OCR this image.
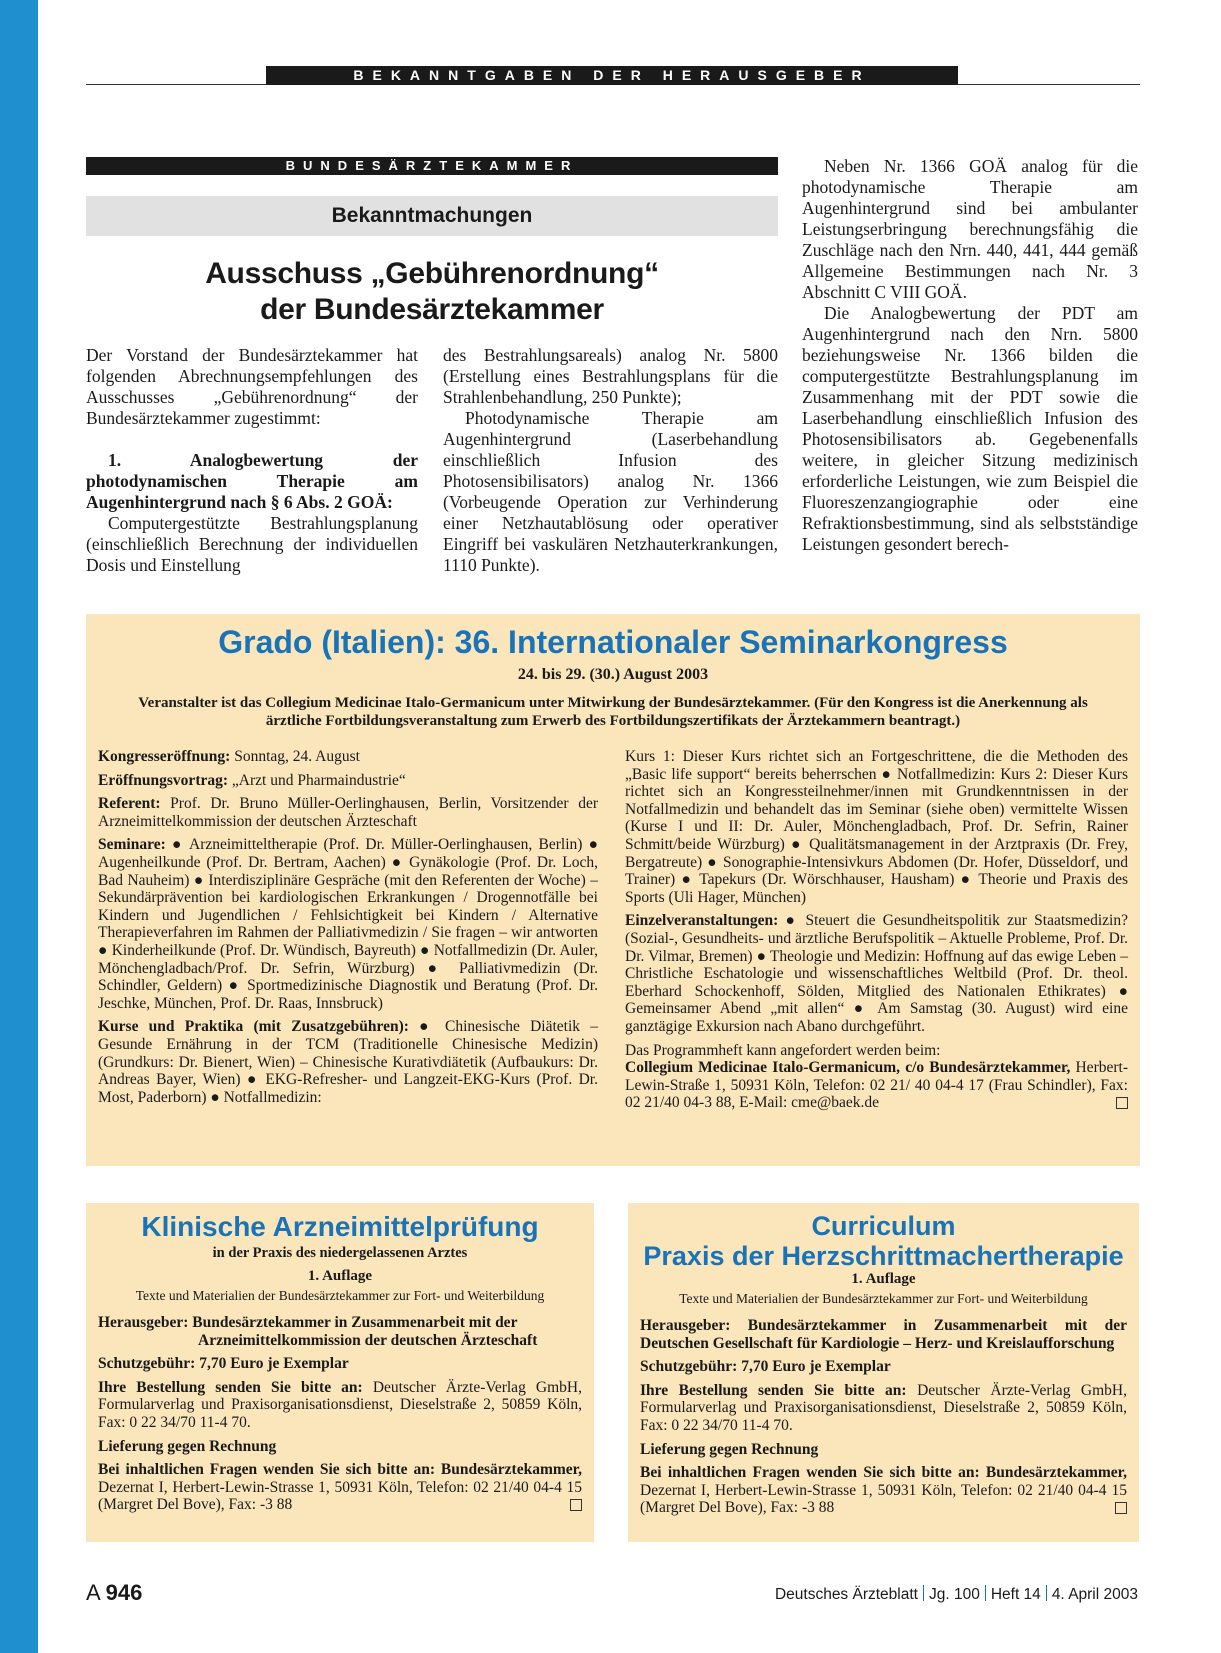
BEKANNTGABEN DER HERAUSGEBER
BUNDESÄRZTEKAMMER
Bekanntmachungen
Ausschuss „Gebührenordnung“
der Bundesärztekammer

Der Vorstand der Bundesärztekammer hat folgenden Abrechnungsempfehlungen des Ausschusses „Gebührenordnung“ der Bundesärztekammer zugestimmt:

1. Analogbewertung der photodynamischen Therapie am Augenhintergrund nach § 6 Abs. 2 GOÄ:

Computergestützte Bestrahlungsplanung (einschließlich Berechnung der individuellen Dosis und Einstellung

des Bestrahlungsareals) analog Nr. 5800 (Erstellung eines Bestrahlungsplans für die Strahlenbehandlung, 250 Punkte);

Photodynamische Therapie am Augenhintergrund (Laserbehandlung einschließlich Infusion des Photosensibilisators) analog Nr. 1366 (Vorbeugende Operation zur Verhinderung einer Netzhautablösung oder operativer Eingriff bei vaskulären Netzhauterkrankungen, 1110 Punkte).

Neben Nr. 1366 GOÄ analog für die photodynamische Therapie am Augenhintergrund sind bei ambulanter Leistungserbringung berechnungsfähig die Zuschläge nach den Nrn. 440, 441, 444 gemäß Allgemeine Bestimmungen nach Nr. 3 Abschnitt C VIII GOÄ.

Die Analogbewertung der PDT am Augenhintergrund nach den Nrn. 5800 beziehungsweise Nr. 1366 bilden die computergestützte Bestrahlungsplanung im Zusammenhang mit der PDT sowie die Laserbehandlung einschließlich Infusion des Photosensibilisators ab. Gegebenenfalls weitere, in gleicher Sitzung medizinisch erforderliche Leistungen, wie zum Beispiel die Fluoreszenzangiographie oder eine Refraktionsbestimmung, sind als selbstständige Leistungen gesondert berech-

Grado (Italien): 36. Internationaler Seminarkongress
24. bis 29. (30.) August 2003
Veranstalter ist das Collegium Medicinae Italo-Germanicum unter Mitwirkung der Bundesärztekammer. (Für den Kongress ist die Anerkennung als ärztliche Fortbildungsveranstaltung zum Erwerb des Fortbildungszertifikats der Ärztekammern beantragt.)

Kongresseröffnung: Sonntag, 24. August

Eröffnungsvortrag: „Arzt und Pharmaindustrie“

Referent: Prof. Dr. Bruno Müller-Oerlinghausen, Berlin, Vorsitzender der Arzneimittelkommission der deutschen Ärzteschaft

Seminare: ● Arzneimitteltherapie (Prof. Dr. Müller-Oerlinghausen, Berlin) ● Augenheilkunde (Prof. Dr. Bertram, Aachen) ● Gynäkologie (Prof. Dr. Loch, Bad Nauheim) ● Interdisziplinäre Gespräche (mit den Referenten der Woche) – Sekundärprävention bei kardiologischen Erkrankungen / Drogennotfälle bei Kindern und Jugendlichen / Fehlsichtigkeit bei Kindern / Alternative Therapieverfahren im Rahmen der Palliativmedizin / Sie fragen – wir antworten ● Kinderheilkunde (Prof. Dr. Wündisch, Bayreuth) ● Notfallmedizin (Dr. Auler, Mönchengladbach/Prof. Dr. Sefrin, Würzburg) ● Palliativmedizin (Dr. Schindler, Geldern) ● Sportmedizinische Diagnostik und Beratung (Prof. Dr. Jeschke, München, Prof. Dr. Raas, Innsbruck)

Kurse und Praktika (mit Zusatzgebühren): ● Chinesische Diätetik – Gesunde Ernährung in der TCM (Traditionelle Chinesische Medizin) (Grundkurs: Dr. Bienert, Wien) – Chinesische Kurativdiätetik (Aufbaukurs: Dr. Andreas Bayer, Wien) ● EKG-Refresher- und Langzeit-EKG-Kurs (Prof. Dr. Most, Paderborn) ● Notfallmedizin:

Kurs 1: Dieser Kurs richtet sich an Fortgeschrittene, die die Methoden des „Basic life support“ bereits beherrschen ● Notfallmedizin: Kurs 2: Dieser Kurs richtet sich an Kongressteilnehmer/innen mit Grundkenntnissen in der Notfallmedizin und behandelt das im Seminar (siehe oben) vermittelte Wissen (Kurse I und II: Dr. Auler, Mönchengladbach, Prof. Dr. Sefrin, Rainer Schmitt/beide Würzburg) ● Qualitätsmanagement in der Arztpraxis (Dr. Frey, Bergatreute) ● Sonographie-Intensivkurs Abdomen (Dr. Hofer, Düsseldorf, und Trainer) ● Tapekurs (Dr. Wörschhauser, Hausham) ● Theorie und Praxis des Sports (Uli Hager, München)

Einzelveranstaltungen: ● Steuert die Gesundheitspolitik zur Staatsmedizin? (Sozial-, Gesundheits- und ärztliche Berufspolitik – Aktuelle Probleme, Prof. Dr. Dr. Vilmar, Bremen) ● Theologie und Medizin: Hoffnung auf das ewige Leben – Christliche Eschatologie und wissenschaftliches Weltbild (Prof. Dr. theol. Eberhard Schockenhoff, Sölden, Mitglied des Nationalen Ethikrates) ● Gemeinsamer Abend „mit allen“ ● Am Samstag (30. August) wird eine ganztägige Exkursion nach Abano durchgeführt.

Das Programmheft kann angefordert werden beim:
Collegium Medicinae Italo-Germanicum, c/o Bundesärztekammer, Herbert-Lewin-Straße 1, 50931 Köln, Telefon: 02 21/ 40 04-4 17 (Frau Schindler), Fax: 02 21/40 04-3 88, E-Mail: cme@baek.de

Klinische Arzneimittelprüfung
in der Praxis des niedergelassenen Arztes
1. Auflage
Texte und Materialien der Bundesärztekammer zur Fort- und Weiterbildung

Herausgeber: Bundesärztekammer in Zusammenarbeit mit der
Arzneimittelkommission der deutschen Ärzteschaft

Schutzgebühr: 7,70 Euro je Exemplar

Ihre Bestellung senden Sie bitte an: Deutscher Ärzte-Verlag GmbH, Formularverlag und Praxisorganisationsdienst, Dieselstraße 2, 50859 Köln, Fax: 0 22 34/70 11-4 70.

Lieferung gegen Rechnung

Bei inhaltlichen Fragen wenden Sie sich bitte an: Bundesärztekammer, Dezernat I, Herbert-Lewin-Strasse 1, 50931 Köln, Telefon: 02 21/40 04-4 15 (Margret Del Bove), Fax: -3 88

Curriculum
Praxis der Herzschrittmachertherapie
1. Auflage
Texte und Materialien der Bundesärztekammer zur Fort- und Weiterbildung

Herausgeber: Bundesärztekammer in Zusammenarbeit mit der Deutschen Gesellschaft für Kardiologie – Herz- und Kreislaufforschung

Schutzgebühr: 7,70 Euro je Exemplar

Ihre Bestellung senden Sie bitte an: Deutscher Ärzte-Verlag GmbH, Formularverlag und Praxisorganisationsdienst, Dieselstraße 2, 50859 Köln, Fax: 0 22 34/70 11-4 70.

Lieferung gegen Rechnung

Bei inhaltlichen Fragen wenden Sie sich bitte an: Bundesärztekammer, Dezernat I, Herbert-Lewin-Strasse 1, 50931 Köln, Telefon: 02 21/40 04-4 15 (Margret Del Bove), Fax: -3 88

A 946	Deutsches Ärzteblatt Jg. 100 Heft 14 4. April 2003
